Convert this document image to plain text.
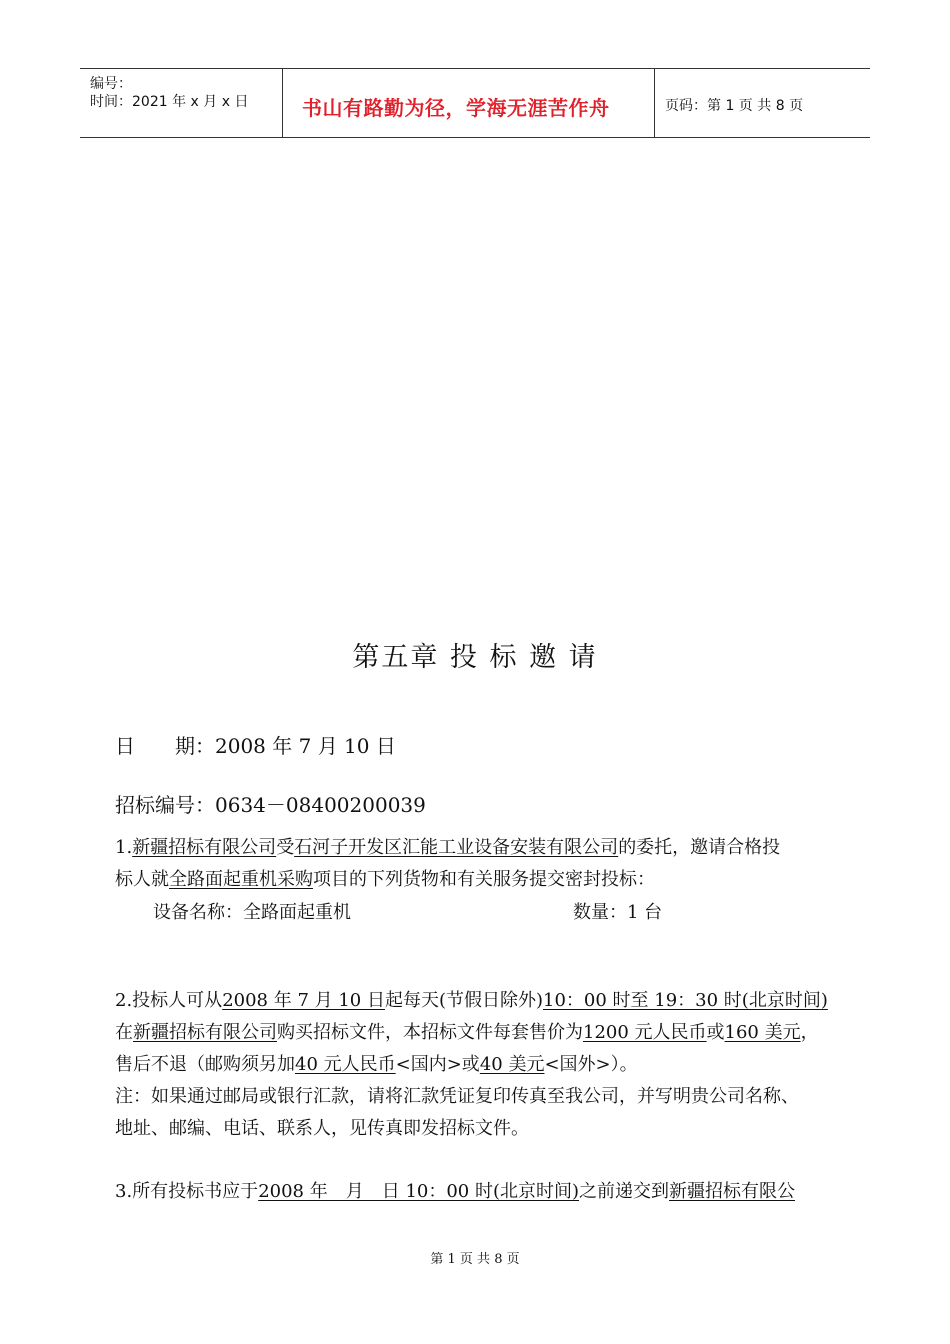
编号：
时间：2021 年 x 月 x 日	书山有路勤为径，学海无涯苦作舟	页码：第 1 页 共 8 页
第五章 投 标 邀 请
日　　期：2008 年 7 月 10 日
招标编号：0634－08400200039
1.新疆招标有限公司受石河子开发区汇能工业设备安装有限公司的委托，邀请合格投
标人就全路面起重机采购项目的下列货物和有关服务提交密封投标：
设备名称：全路面起重机	数量：1 台
2.投标人可从2008 年 7 月 10 日起每天(节假日除外)10：00 时至 19：30 时(北京时间)
在新疆招标有限公司购买招标文件，本招标文件每套售价为1200 元人民币或160 美元，
售后不退（邮购须另加40 元人民币<国内>或40 美元<国外>）。
注：如果通过邮局或银行汇款，请将汇款凭证复印传真至我公司，并写明贵公司名称、
地址、邮编、电话、联系人，见传真即发招标文件。
3.所有投标书应于2008 年　月　日 10：00 时(北京时间)之前递交到新疆招标有限公
第 1 页 共 8 页
